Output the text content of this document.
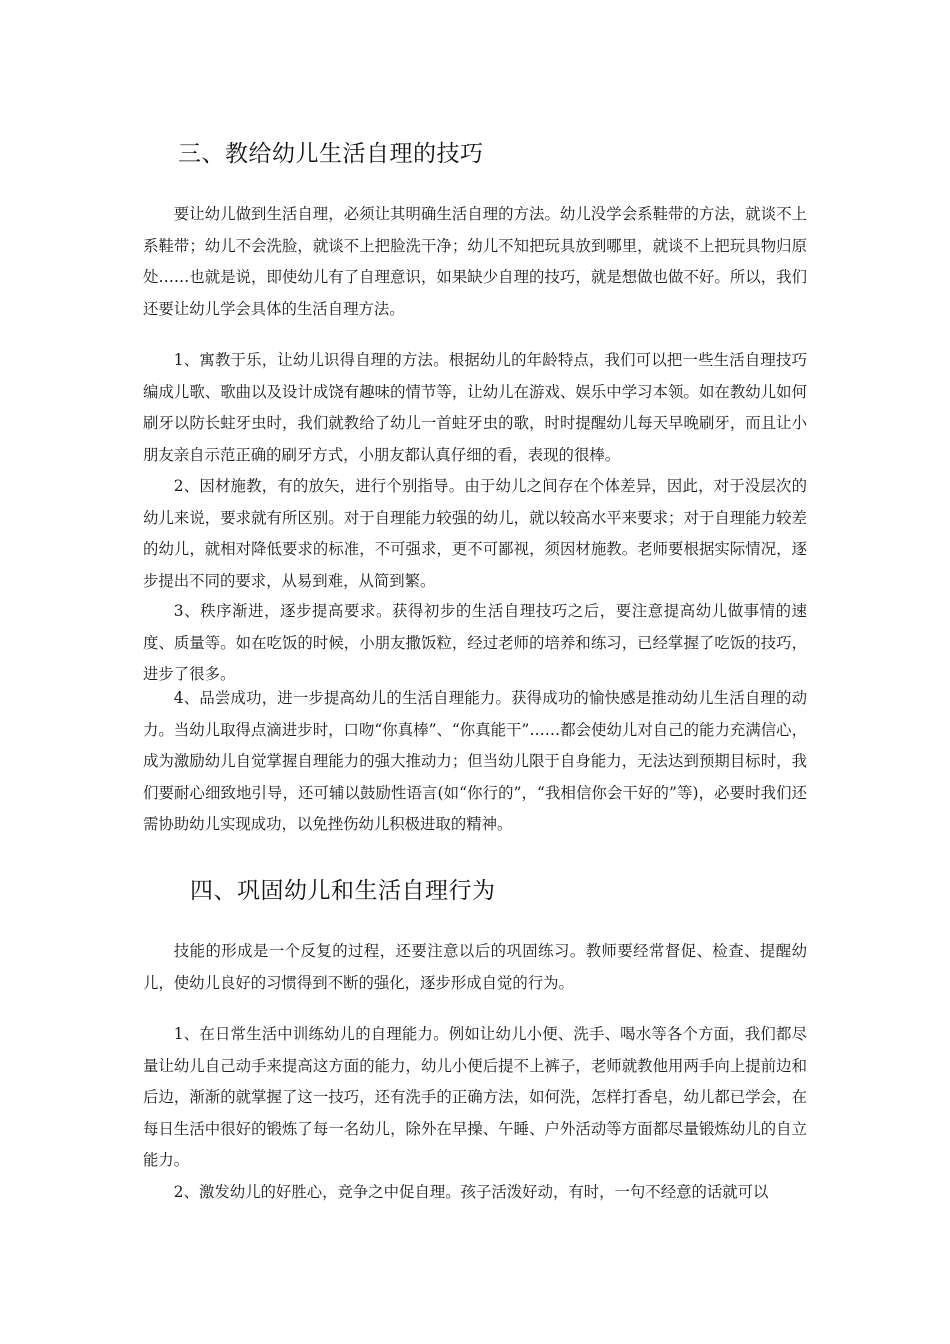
三、教给幼儿生活自理的技巧

要让幼儿做到生活自理，必须让其明确生活自理的方法。幼儿没学会系鞋带的方法，就谈不上系鞋带；幼儿不会洗脸，就谈不上把脸洗干净；幼儿不知把玩具放到哪里，就谈不上把玩具物归原处……也就是说，即使幼儿有了自理意识，如果缺少自理的技巧，就是想做也做不好。所以，我们还要让幼儿学会具体的生活自理方法。

1、寓教于乐，让幼儿识得自理的方法。根据幼儿的年龄特点，我们可以把一些生活自理技巧编成儿歌、歌曲以及设计成饶有趣味的情节等，让幼儿在游戏、娱乐中学习本领。如在教幼儿如何刷牙以防长蛀牙虫时，我们就教给了幼儿一首蛀牙虫的歌，时时提醒幼儿每天早晚刷牙，而且让小朋友亲自示范正确的刷牙方式，小朋友都认真仔细的看，表现的很棒。

2、因材施教，有的放矢，进行个别指导。由于幼儿之间存在个体差异，因此，对于没层次的幼儿来说，要求就有所区别。对于自理能力较强的幼儿，就以较高水平来要求；对于自理能力较差的幼儿，就相对降低要求的标准，不可强求，更不可鄙视，须因材施教。老师要根据实际情况，逐步提出不同的要求，从易到难，从简到繁。

3、秩序渐进，逐步提高要求。获得初步的生活自理技巧之后，要注意提高幼儿做事情的速度、质量等。如在吃饭的时候，小朋友撒饭粒，经过老师的培养和练习，已经掌握了吃饭的技巧，进步了很多。

4、品尝成功，进一步提高幼儿的生活自理能力。获得成功的愉快感是推动幼儿生活自理的动力。当幼儿取得点滴进步时，口吻“你真棒”、“你真能干”……都会使幼儿对自己的能力充满信心，成为激励幼儿自觉掌握自理能力的强大推动力；但当幼儿限于自身能力，无法达到预期目标时，我们要耐心细致地引导，还可辅以鼓励性语言(如“你行的”，“我相信你会干好的”等)，必要时我们还需协助幼儿实现成功，以免挫伤幼儿积极进取的精神。

四、巩固幼儿和生活自理行为

技能的形成是一个反复的过程，还要注意以后的巩固练习。教师要经常督促、检查、提醒幼儿，使幼儿良好的习惯得到不断的强化，逐步形成自觉的行为。

1、在日常生活中训练幼儿的自理能力。例如让幼儿小便、洗手、喝水等各个方面，我们都尽量让幼儿自己动手来提高这方面的能力，幼儿小便后提不上裤子，老师就教他用两手向上提前边和后边，渐渐的就掌握了这一技巧，还有洗手的正确方法，如何洗，怎样打香皂，幼儿都已学会，在每日生活中很好的锻炼了每一名幼儿，除外在早操、午睡、户外活动等方面都尽量锻炼幼儿的自立能力。

2、激发幼儿的好胜心，竞争之中促自理。孩子活泼好动，有时，一句不经意的话就可以
